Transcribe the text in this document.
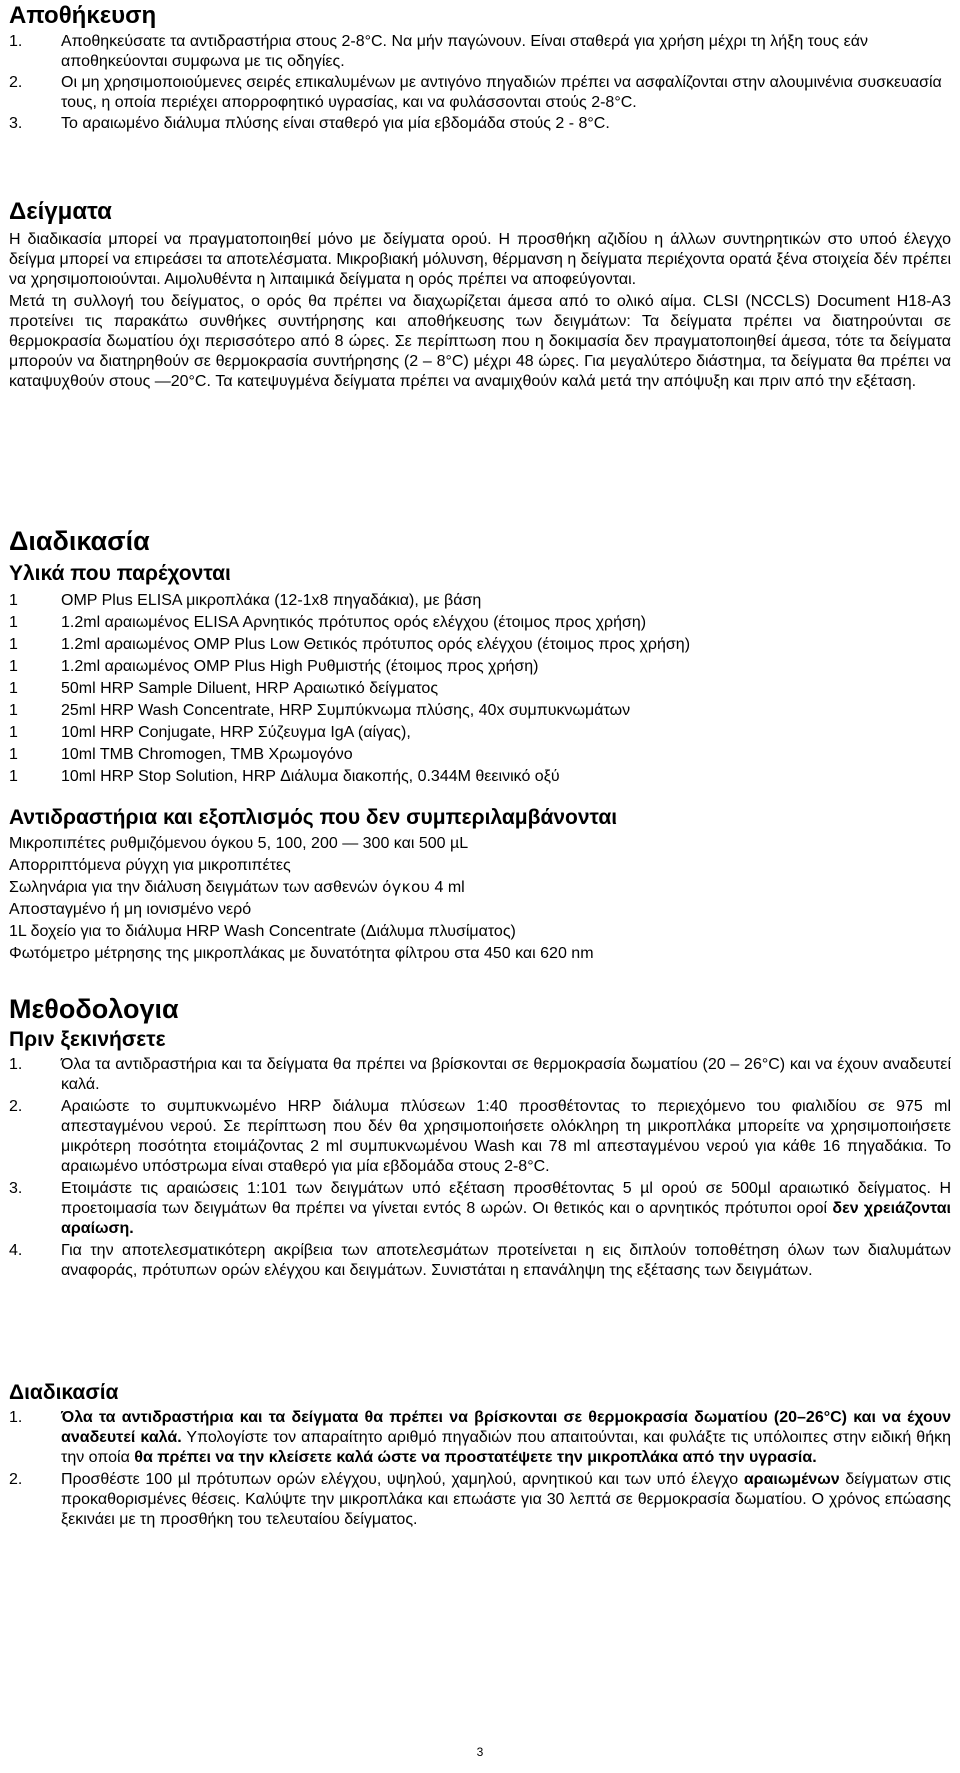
Αποθήκευση
1.	Αποθηκεύσατε τα αντιδραστήρια στους 2-8°C. Να μήν παγώνουν. Είναι σταθερά για χρήση μέχρι τη λήξη τους εάν αποθηκεύονται συμφωνα με τις οδηγίες.
2.	Οι μη χρησιμοποιούμενες σειρές επικαλυμένων με αντιγόνο πηγαδιών πρέπει να ασφαλίζονται στην αλουμινένια συσκευασία τους, η οποία περιέχει απορροφητικό υγρασίας, και να φυλάσσονται στούς 2-8°C.
3.	Το αραιωμένο διάλυμα πλύσης είναι σταθερό για μία εβδομάδα στούς 2 - 8°C.
Δείγματα

Η διαδικασία μπορεί να πραγματοποιηθεί μόνο με δείγματα ορού. Η προσθήκη αζιδίου η άλλων συντηρητικών στο υποό έλεγχο δείγμα μπορεί να επιρεάσει τα αποτελέσματα. Μικροβιακή μόλυνση, θέρμανση η δείγματα περιέχοντα ορατά ξένα στοιχεία δέν πρέπει να χρησιμοποιούνται. Αιμολυθέντα η λιπαιμικά δείγματα η ορός πρέπει να αποφεύγονται.

Μετά τη συλλογή του δείγματος, ο ορός θα πρέπει να διαχωρίζεται άμεσα από το ολικό αίμα. CLSI (NCCLS) Document H18-A3 προτείνει τις παρακάτω συνθήκες συντήρησης και αποθήκευσης των δειγμάτων: Τα δείγματα πρέπει να διατηρούνται σε θερμοκρασία δωματίου όχι περισσότερο από 8 ώρες. Σε περίπτωση που η δοκιμασία δεν πραγματοποιηθεί άμεσα, τότε τα δείγματα μπορούν να διατηρηθούν σε θερμοκρασία συντήρησης (2 – 8°C) μέχρι 48 ώρες. Για μεγαλύτερο διάστημα, τα δείγματα θα πρέπει να καταψυχθούν στους —20°C. Τα κατεψυγμένα δείγματα πρέπει να αναμιχθούν καλά μετά την απόψυξη και πριν από την εξέταση.

Διαδικασία
Υλικά που παρέχονται
1	OMP Plus ELISA μικροπλάκα (12-1x8 πηγαδάκια), με βάση
1	1.2ml αραιωμένος ELISA Αρνητικός πρότυπος ορός ελέγχου (έτοιμος προς χρήση)
1	1.2ml αραιωμένος OMP Plus Low Θετικός πρότυπος ορός ελέγχου (έτοιμος προς χρήση)
1	1.2ml αραιωμένος OMP Plus High Ρυθμιστής (έτοιμος προς χρήση)
1	50ml HRP Sample Diluent, HRP Αραιωτικό δείγματος
1	25ml HRP Wash Concentrate, HRP Συμπύκνωμα πλύσης, 40x συμπυκνωμάτων
1	10ml HRP Conjugate, HRP Σύζευγμα IgA (αίγας),
1	10ml TMB Chromogen, TMB Χρωμογόνο
1	10ml HRP Stop Solution, HRP Διάλυμα διακοπής, 0.344M θεεινικό οξύ
Αντιδραστήρια και εξοπλισμός που δεν συμπεριλαμβάνονται
Μικροπιπέτες ρυθμιζόμενου όγκου 5, 100, 200 — 300 και 500 µL
Απορριπτόμενα ρύγχη για μικροπιπέτες
Σωληνάρια για την διάλυση δειγμάτων των ασθενών όγκου 4 ml
Απoσταγμένο ή μη ιονισμένο νερό
1L δοχείο για το διάλυμα HRP Wash Concentrate (Διάλυμα πλυσίματος)
Φωτόμετρο μέτρησης της μικροπλάκας με δυνατότητα φίλτρου στα 450 και 620 nm
Μεθοδολογια
Πριν ξεκινήσετε
1.	Όλα τα αντιδραστήρια και τα δείγματα θα πρέπει να βρίσκονται σε θερμοκρασία δωματίου (20 – 26°C) και να έχουν αναδευτεί καλά.
2.	Αραιώστε το συμπυκνωμένο HRP διάλυμα πλύσεων 1:40 προσθέτοντας το περιεχόμενο του φιαλιδίου σε 975 ml απεσταγμένου νερού. Σε περίπτωση που δέν θα χρησιμοποιήσετε ολόκληρη τη μικροπλάκα μπορείτε να χρησιμοποιήσετε μικρότερη ποσότητα ετοιμάζοντας 2 ml συμπυκνωμένου Wash και 78 ml απεσταγμένου νερού για κάθε 16 πηγαδάκια. Το αραιωμένο υπόστρωμα είναι σταθερό για μία εβδομάδα στους 2-8°C.
3.	Ετοιμάστε τις αραιώσεις 1:101 των δειγμάτων υπό εξέταση προσθέτοντας 5 µl ορού σε 500µl αραιωτικό δείγματος. Η προετοιμασία των δειγμάτων θα πρέπει να γίνεται εντός 8 ωρών. Οι θετικός και ο αρνητικός πρότυποι οροί δεν χρειάζονται αραίωση.
4.	Για την αποτελεσματικότερη ακρίβεια των αποτελεσμάτων προτείνεται η εις διπλούν τοποθέτηση όλων των διαλυμάτων αναφοράς, πρότυπων ορών ελέγχου και δειγμάτων. Συνιστάται η επανάληψη της εξέτασης των δειγμάτων.
Διαδικασία
1.	Όλα τα αντιδραστήρια και τα δείγματα θα πρέπει να βρίσκονται σε θερμοκρασία δωματίου (20–26°C) και να έχουν αναδευτεί καλά. Υπολογίστε τον απαραίτητο αριθμό πηγαδιών που απαιτούνται, και φυλάξτε τις υπόλοιπες στην ειδική θήκη την οποία θα πρέπει να την κλείσετε καλά ώστε να προστατέψετε την μικροπλάκα από την υγρασία.
2.	Προσθέστε 100 µl πρότυπων ορών ελέγχου, υψηλού, χαμηλού, αρνητικού και των υπό έλεγχο αραιωμένων δείγματων στις προκαθορισμένες θέσεις. Καλύψτε την μικροπλάκα και επωάστε για 30 λεπτά σε θερμοκρασία δωματίου. Ο χρόνος επώασης ξεκινάει με τη προσθήκη του τελευταίου δείγματος.
3
